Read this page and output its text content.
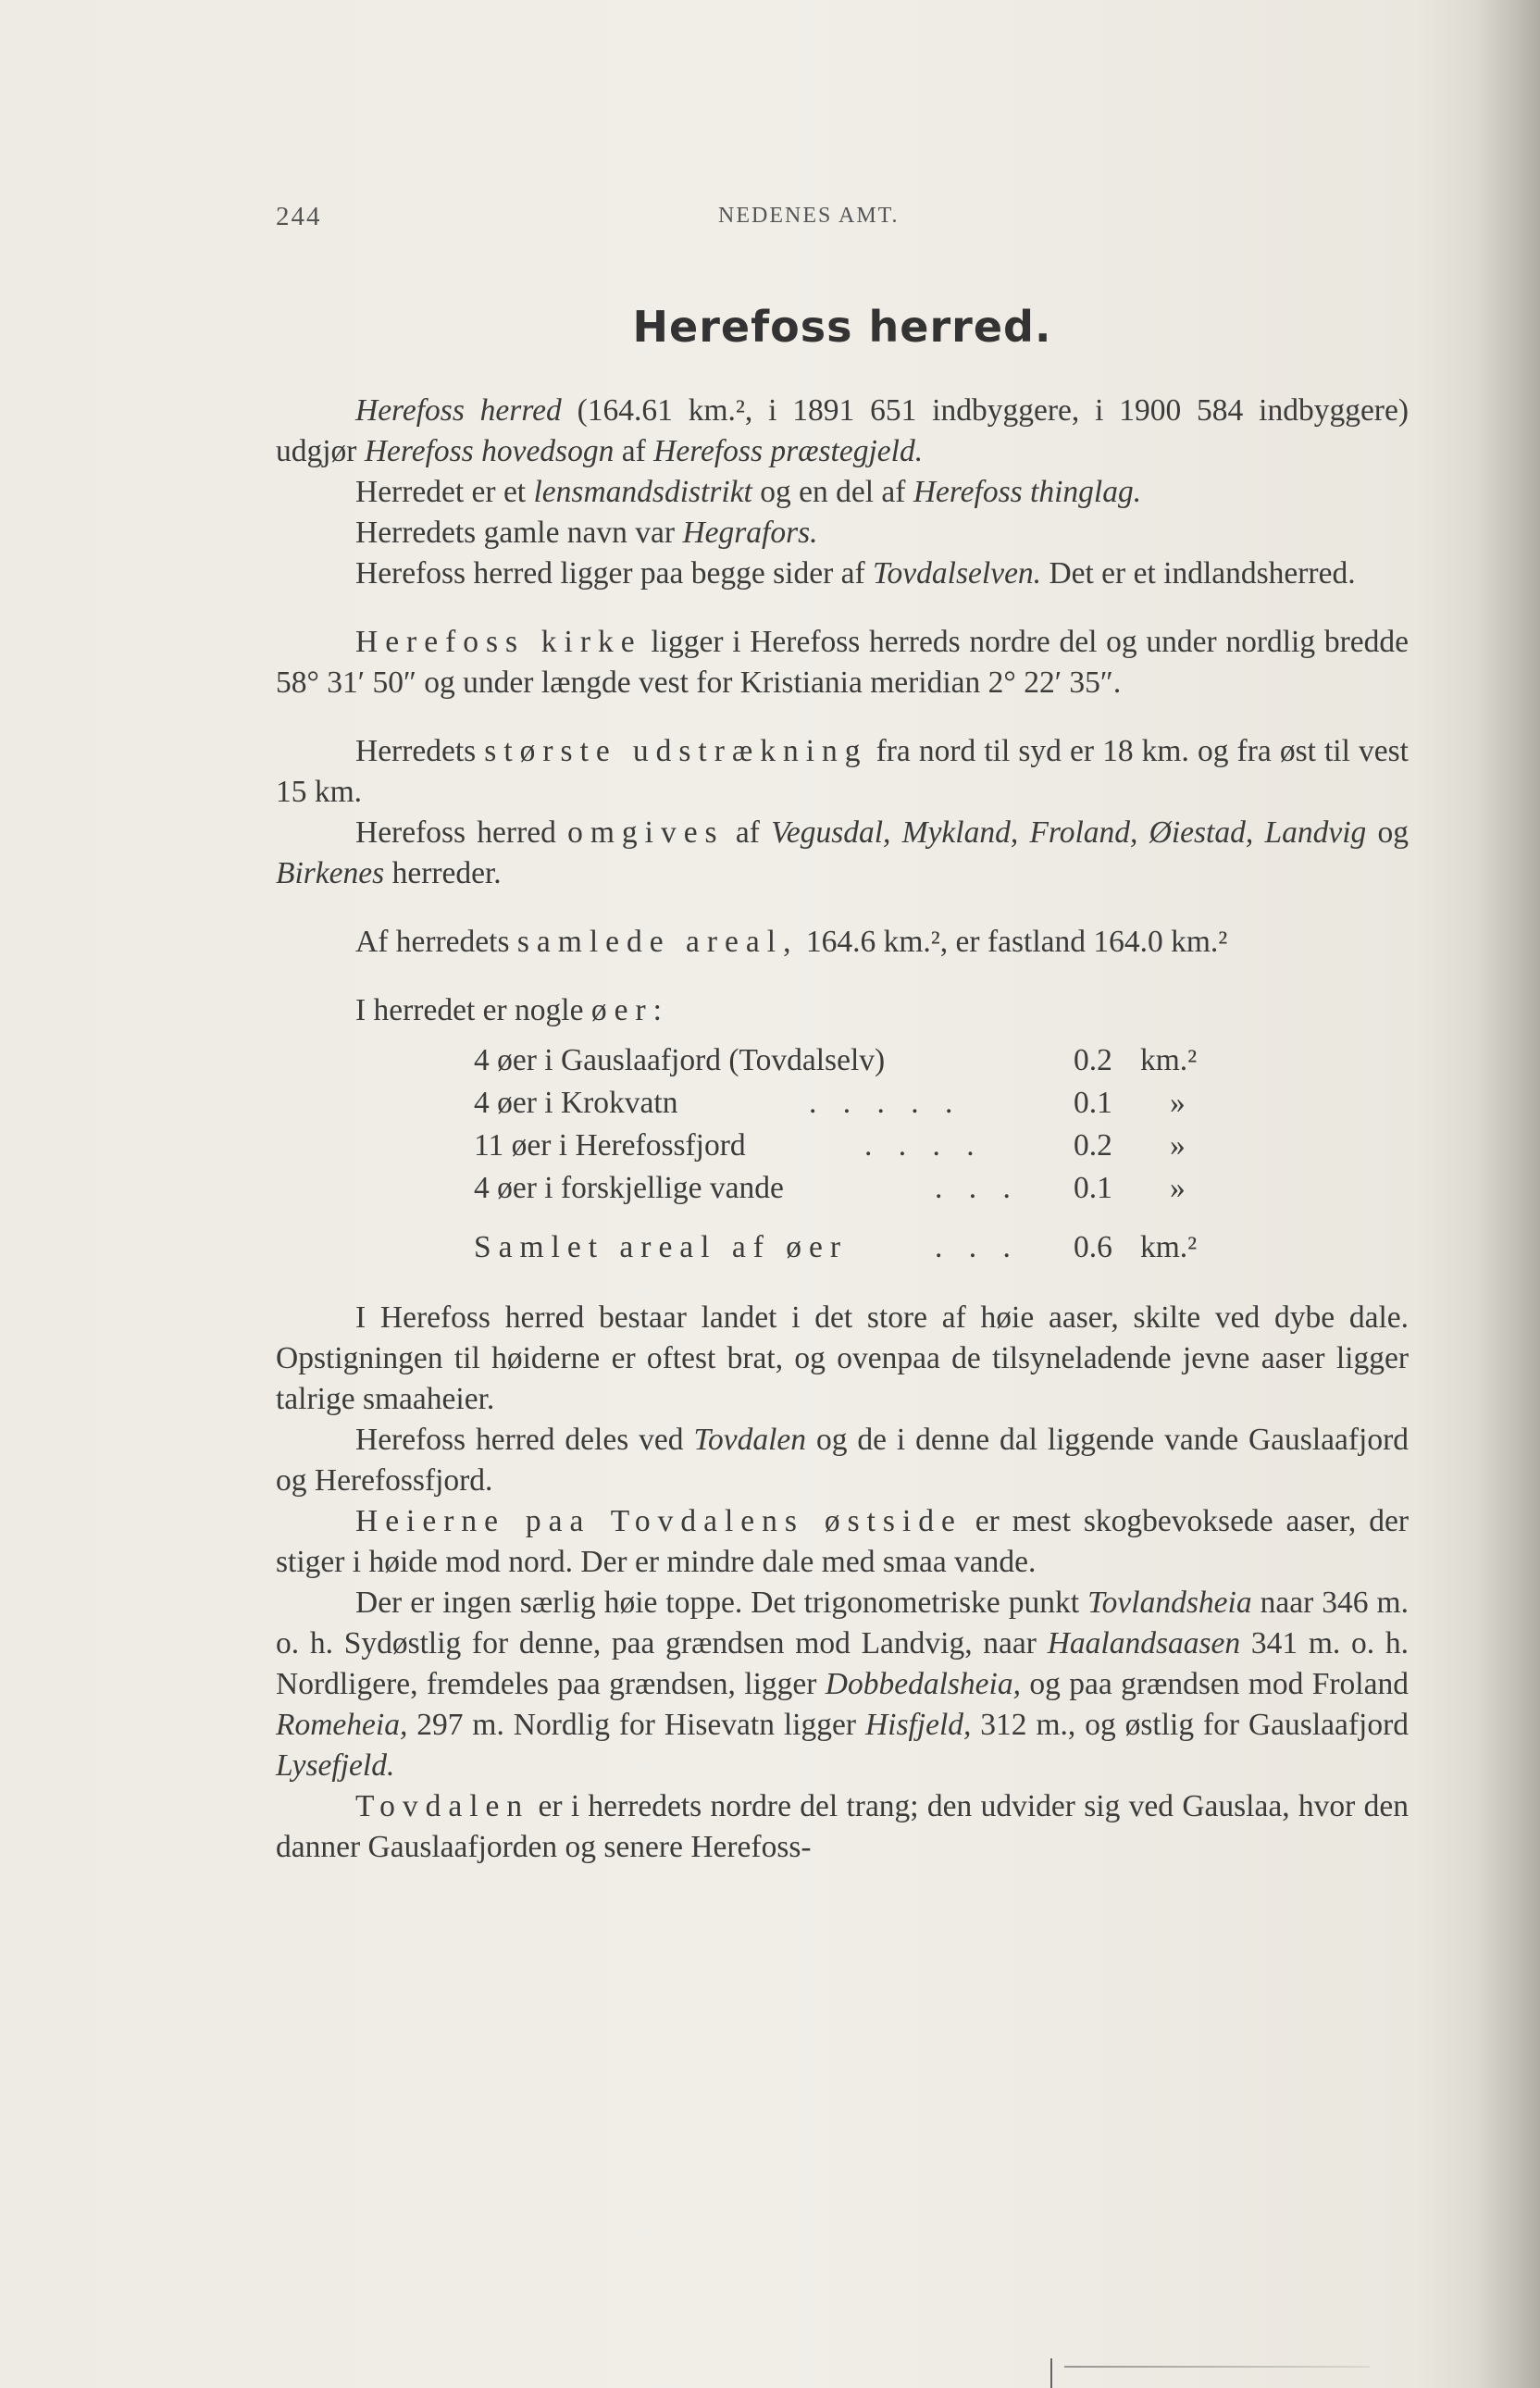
244	NEDENES AMT.
Herefoss herred.

Herefoss herred (164.61 km.², i 1891 651 indbyggere, i 1900 584 indbyggere) udgjør Herefoss hovedsogn af Herefoss præstegjeld.

Herredet er et lensmandsdistrikt og en del af Herefoss thinglag.

Herredets gamle navn var Hegrafors.

Herefoss herred ligger paa begge sider af Tovdalselven. Det er et indlandsherred.

Herefoss kirke ligger i Herefoss herreds nordre del og under nordlig bredde 58° 31′ 50″ og under længde vest for Kristiania meridian 2° 22′ 35″.

Herredets største udstrækning fra nord til syd er 18 km. og fra øst til vest 15 km.

Herefoss herred omgives af Vegusdal, Mykland, Froland, Øiestad, Landvig og Birkenes herreder.

Af herredets samlede areal, 164.6 km.², er fastland 164.0 km.²

I herredet er nogle øer:

4 øer i Gauslaafjord (Tovdalselv)	0.2 km.²
4 øer i Krokvatn	. . . . .	0.1 »
11 øer i Herefossfjord	. . . .	0.2 »
4 øer i forskjellige vande	. . . 0.1 »
Samlet areal af øer	. . . 0.6 km.²

I Herefoss herred bestaar landet i det store af høie aaser, skilte ved dybe dale. Opstigningen til høiderne er oftest brat, og ovenpaa de tilsyneladende jevne aaser ligger talrige smaaheier.

Herefoss herred deles ved Tovdalen og de i denne dal liggende vande Gauslaafjord og Herefossfjord.

Heierne paa Tovdalens østside er mest skogbevoksede aaser, der stiger i høide mod nord. Der er mindre dale med smaa vande.

Der er ingen særlig høie toppe. Det trigonometriske punkt Tovlandsheia naar 346 m. o. h. Sydøstlig for denne, paa grændsen mod Landvig, naar Haalandsaasen 341 m. o. h. Nordligere, fremdeles paa grændsen, ligger Dobbedalsheia, og paa grændsen mod Froland Romeheia, 297 m. Nordlig for Hisevatn ligger Hisfjeld, 312 m., og østlig for Gauslaafjord Lysefjeld.

Tovdalen er i herredets nordre del trang; den udvider sig ved Gauslaa, hvor den danner Gauslaafjorden og senere Herefoss-
